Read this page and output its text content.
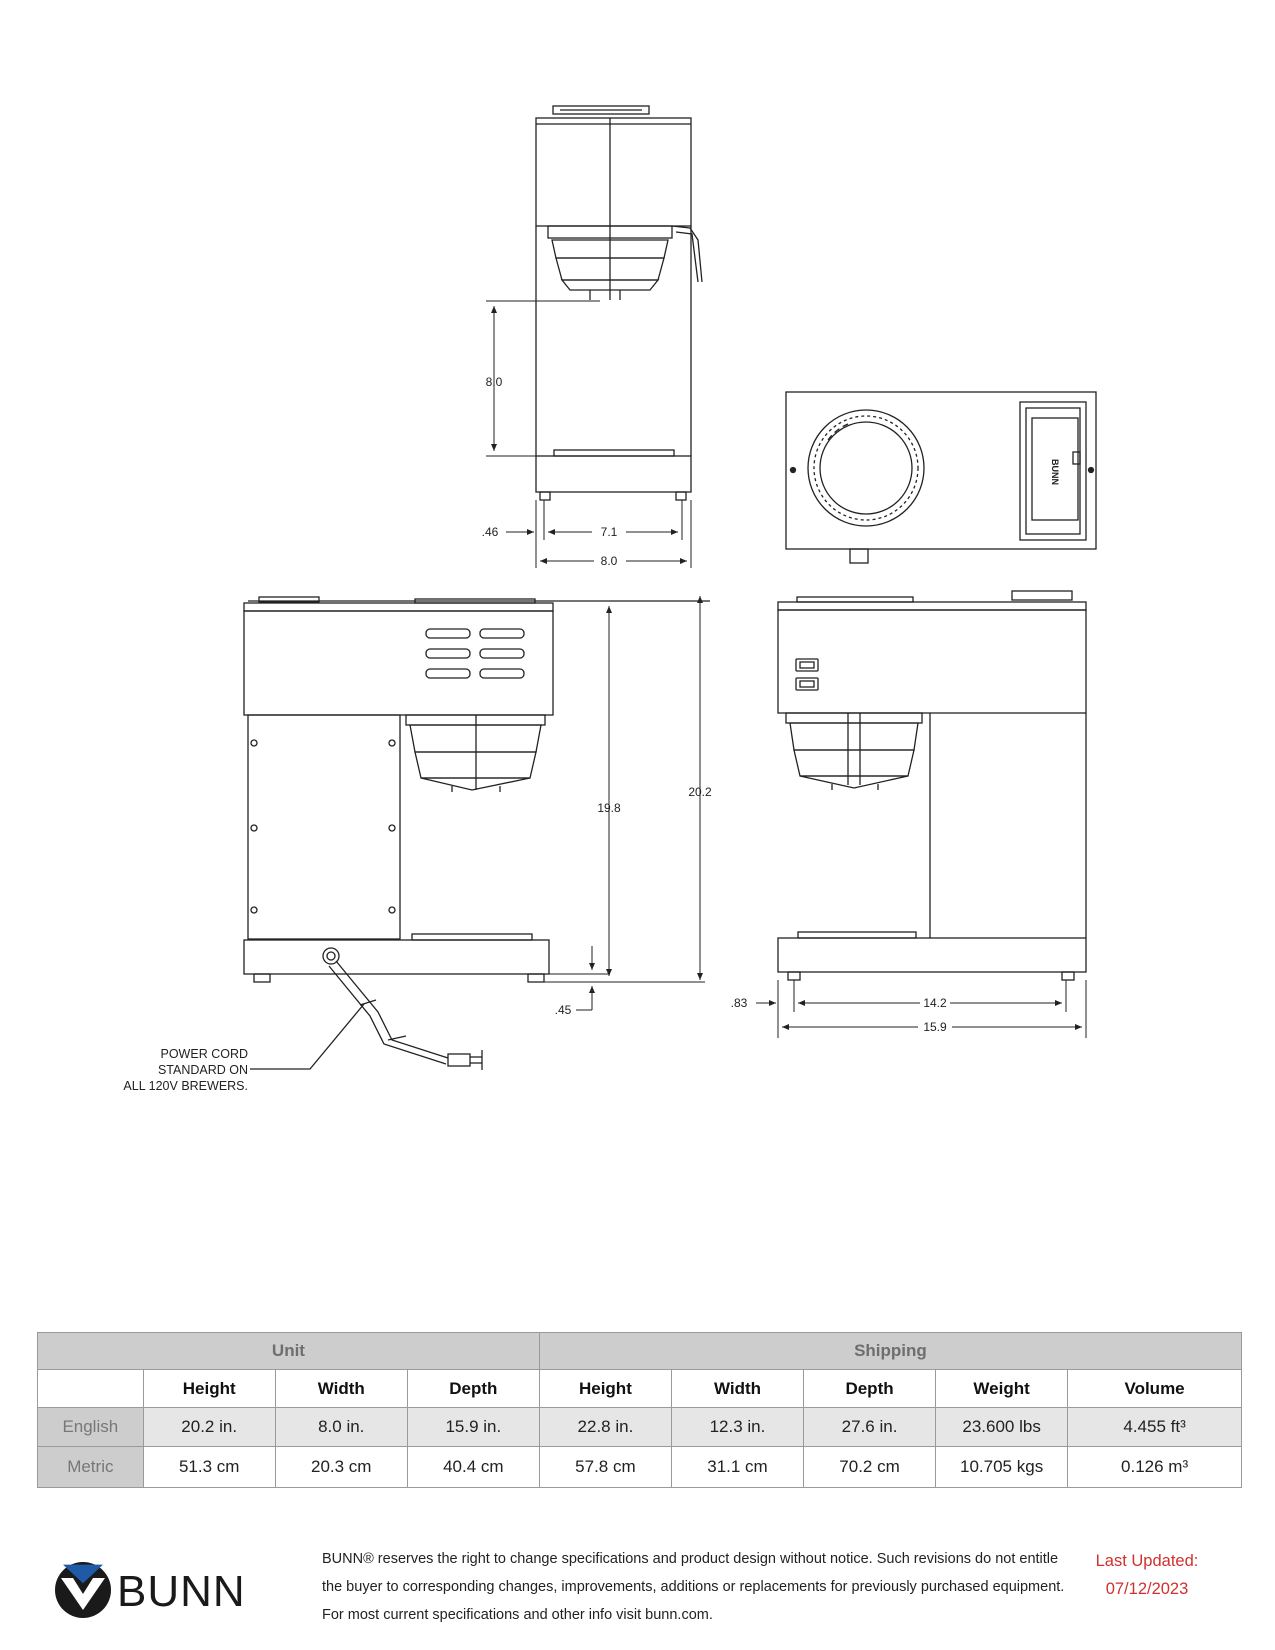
8.0
.46	7.1
8.0
BUNN
19.8
20.2
.45
POWER CORD
STANDARD ON
ALL 120V BREWERS.
.83	14.2
15.9
Unit				Shipping				
	Height	Width	Depth	Height	Width	Depth	Weight	Volume
English	20.2 in.	8.0 in.	15.9 in.	22.8 in.	12.3 in.	27.6 in.	23.600 lbs	4.455 ft³
Metric	51.3 cm	20.3 cm	40.4 cm	57.8 cm	31.1 cm	70.2 cm	10.705 kgs	0.126 m³
BUNN
BUNN® reserves the right to change specifications and product design without notice. Such revisions do not entitle
the buyer to corresponding changes, improvements, additions or replacements for previously purchased equipment.
For most current specifications and other info visit bunn.com.
Last Updated:
07/12/2023
